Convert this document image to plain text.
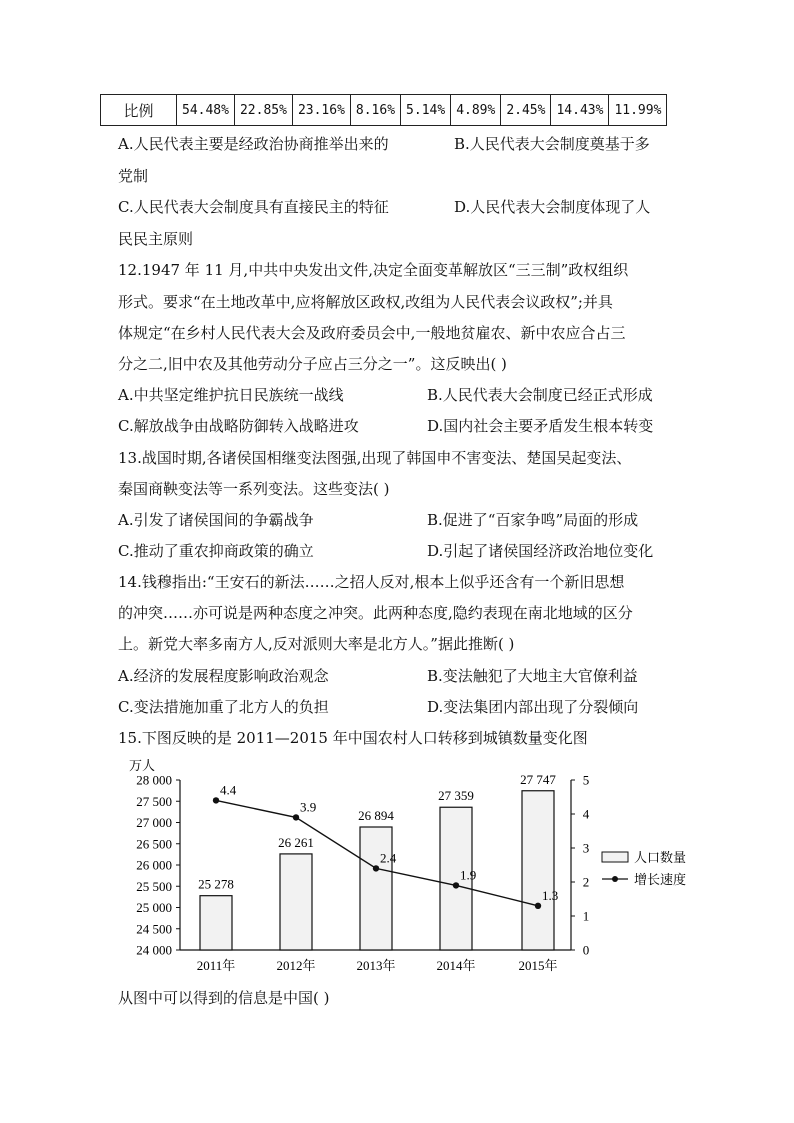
比例	54.48%	22.85%	23.16%	8.16%	5.14%	4.89%	2.45%	14.43%	11.99%
A.人民代表主要是经政治协商推举出来的	B.人民代表大会制度奠基于多
党制
C.人民代表大会制度具有直接民主的特征	D.人民代表大会制度体现了人
民民主原则
12.1947 年 11 月,中共中央发出文件,决定全面变革解放区“三三制”政权组织
形式。要求“在土地改革中,应将解放区政权,改组为人民代表会议政权”;并具
体规定“在乡村人民代表大会及政府委员会中,一般地贫雇农、新中农应合占三
分之二,旧中农及其他劳动分子应占三分之一”。这反映出( )
A.中共坚定维护抗日民族统一战线	B.人民代表大会制度已经正式形成
C.解放战争由战略防御转入战略进攻	D.国内社会主要矛盾发生根本转变
13.战国时期,各诸侯国相继变法图强,出现了韩国申不害变法、楚国吴起变法、
秦国商鞅变法等一系列变法。这些变法( )
A.引发了诸侯国间的争霸战争	B.促进了“百家争鸣”局面的形成
C.推动了重农抑商政策的确立	D.引起了诸侯国经济政治地位变化
14.钱穆指出:“王安石的新法……之招人反对,根本上似乎还含有一个新旧思想
的冲突……亦可说是两种态度之冲突。此两种态度,隐约表现在南北地域的区分
上。新党大率多南方人,反对派则大率是北方人。”据此推断( )
A.经济的发展程度影响政治观念	B.变法触犯了大地主大官僚利益
C.变法措施加重了北方人的负担	D.变法集团内部出现了分裂倾向
15.下图反映的是 2011—2015 年中国农村人口转移到城镇数量变化图
万人
24 000
24 500
25 000
25 500
26 000
26 500
27 000
27 500
28 000
0
1
2
3
4
5
25 278
26 261
26 894
27 359
27 747
4.4
3.9
2.4
1.9
1.3
2011年	2012年	2013年	2014年	2015年
人口数量
增长速度
从图中可以得到的信息是中国( )
